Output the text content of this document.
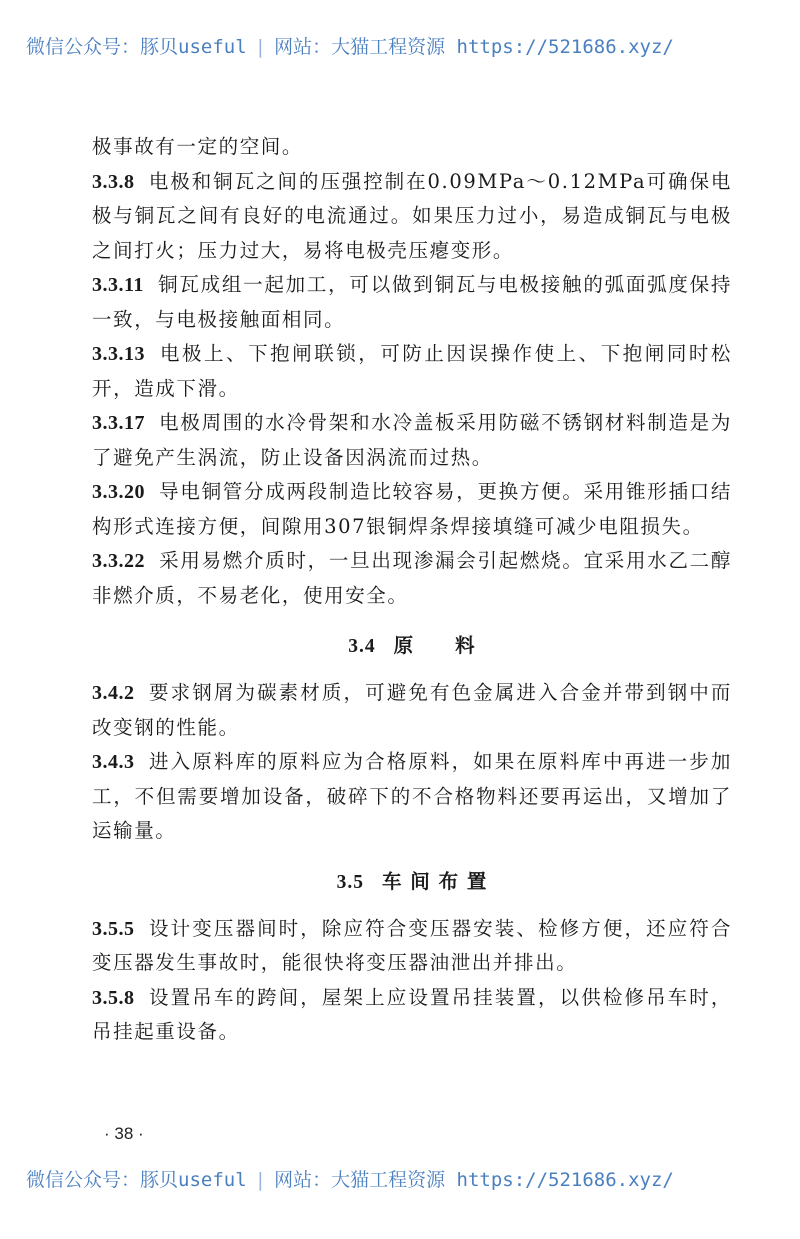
微信公众号：豚贝useful | 网站：大猫工程资源 https://521686.xyz/

极事故有一定的空间。

3.3.8 电极和铜瓦之间的压强控制在0.09MPa～0.12MPa可确保电极与铜瓦之间有良好的电流通过。如果压力过小，易造成铜瓦与电极之间打火；压力过大，易将电极壳压瘪变形。

3.3.11 铜瓦成组一起加工，可以做到铜瓦与电极接触的弧面弧度保持一致，与电极接触面相同。

3.3.13 电极上、下抱闸联锁，可防止因误操作使上、下抱闸同时松开，造成下滑。

3.3.17 电极周围的水冷骨架和水冷盖板采用防磁不锈钢材料制造是为了避免产生涡流，防止设备因涡流而过热。

3.3.20 导电铜管分成两段制造比较容易，更换方便。采用锥形插口结构形式连接方便，间隙用307银铜焊条焊接填缝可减少电阻损失。

3.3.22 采用易燃介质时，一旦出现渗漏会引起燃烧。宜采用水乙二醇非燃介质，不易老化，使用安全。

3.4 原　　料

3.4.2 要求钢屑为碳素材质，可避免有色金属进入合金并带到钢中而改变钢的性能。

3.4.3 进入原料库的原料应为合格原料，如果在原料库中再进一步加工，不但需要增加设备，破碎下的不合格物料还要再运出，又增加了运输量。

3.5 车 间 布 置

3.5.5 设计变压器间时，除应符合变压器安装、检修方便，还应符合变压器发生事故时，能很快将变压器油泄出并排出。

3.5.8 设置吊车的跨间，屋架上应设置吊挂装置，以供检修吊车时，吊挂起重设备。

· 38 ·
微信公众号：豚贝useful | 网站：大猫工程资源 https://521686.xyz/
